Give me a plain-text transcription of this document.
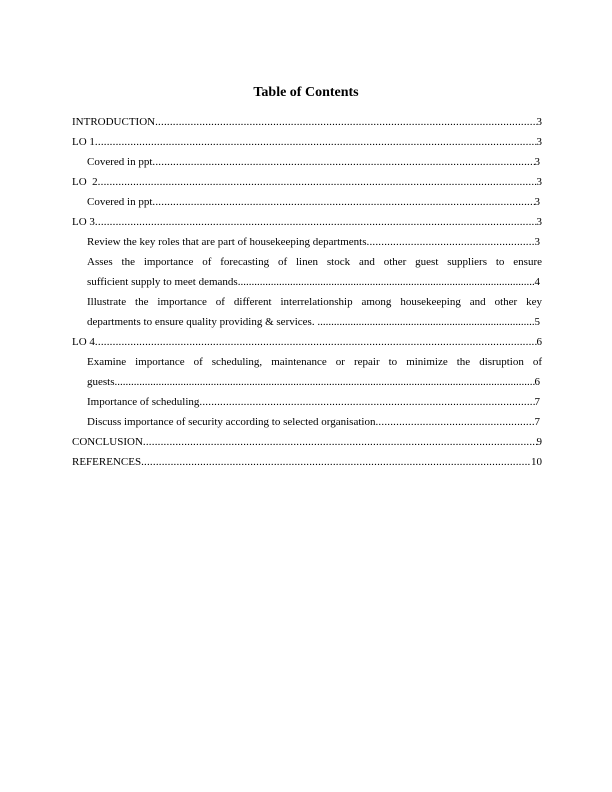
Table of Contents
INTRODUCTION .....	3
LO 1 .....	3
Covered in ppt .....	3
LO  2 .....	3
Covered in ppt .....	3
LO 3 .....	3
Review the key roles that are part of housekeeping departments .....	3
Asses the importance of forecasting of linen stock and other guest suppliers to ensure
sufficient supply to meet demands .....	4
Illustrate the importance of different interrelationship among housekeeping and other key
departments to ensure quality providing & services. .....	5
LO 4 .....	6
Examine importance of scheduling, maintenance or repair to minimize the disruption of
guests .....	6
Importance of scheduling .....	7
Discuss importance of security according to selected organisation .....	7
CONCLUSION .....	9
REFERENCES .....	10
